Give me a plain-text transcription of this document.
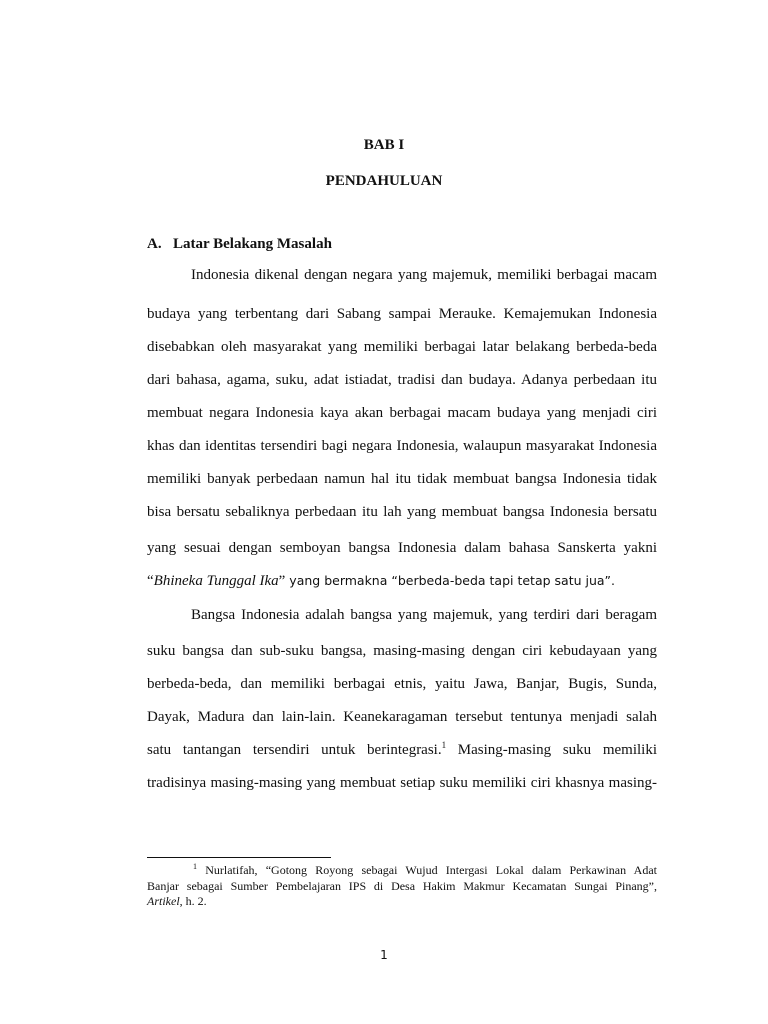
BAB I
PENDAHULUAN
A. Latar Belakang Masalah
Indonesia dikenal dengan negara yang majemuk, memiliki berbagai macam
budaya yang terbentang dari Sabang sampai Merauke. Kemajemukan Indonesia
disebabkan oleh masyarakat yang memiliki berbagai latar belakang berbeda-beda
dari bahasa, agama, suku, adat istiadat, tradisi dan budaya. Adanya perbedaan itu
membuat negara Indonesia kaya akan berbagai macam budaya yang menjadi ciri
khas dan identitas tersendiri bagi negara Indonesia, walaupun masyarakat Indonesia
memiliki banyak perbedaan namun hal itu tidak membuat bangsa Indonesia tidak
bisa bersatu sebaliknya perbedaan itu lah yang membuat bangsa Indonesia bersatu
yang sesuai dengan semboyan bangsa Indonesia dalam bahasa Sanskerta yakni
“Bhineka Tunggal Ika” yang bermakna “berbeda-beda tapi tetap satu jua”.
Bangsa Indonesia adalah bangsa yang majemuk, yang terdiri dari beragam
suku bangsa dan sub-suku bangsa, masing-masing dengan ciri kebudayaan yang
berbeda-beda, dan memiliki berbagai etnis, yaitu Jawa, Banjar, Bugis, Sunda,
Dayak, Madura dan lain-lain. Keanekaragaman tersebut tentunya menjadi salah
satu tantangan tersendiri untuk berintegrasi.$^1$ Masing-masing suku memiliki
tradisinya masing-masing yang membuat setiap suku memiliki ciri khasnya masing-
$^1$ Nurlatifah, “Gotong Royong sebagai Wujud Intergasi Lokal dalam Perkawinan Adat
Banjar sebagai Sumber Pembelajaran IPS di Desa Hakim Makmur Kecamatan Sungai Pinang”,
Artikel, h. 2.
1
